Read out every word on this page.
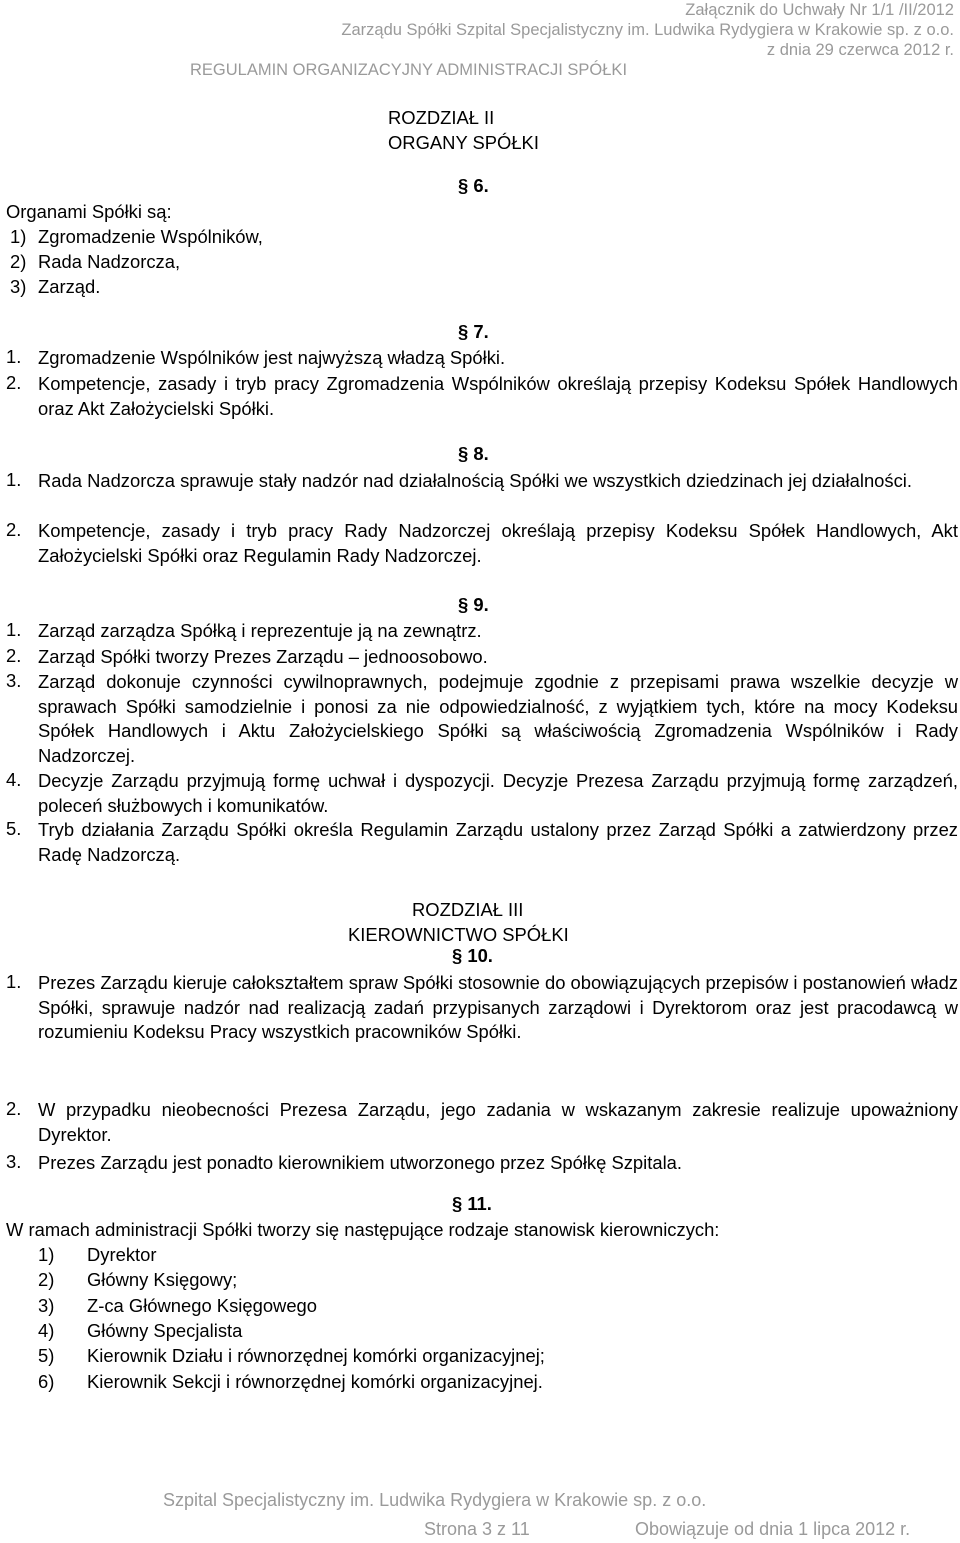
Załącznik do Uchwały Nr 1/1 /II/2012
Zarządu Spółki Szpital Specjalistyczny im. Ludwika Rydygiera w Krakowie sp. z o.o.
z dnia 29 czerwca 2012 r.
REGULAMIN ORGANIZACYJNY ADMINISTRACJI SPÓŁKI
ROZDZIAŁ II
ORGANY SPÓŁKI
§ 6.
Organami Spółki są:
1) Zgromadzenie Wspólników,
2) Rada Nadzorcza,
3) Zarząd.
§ 7.
1. Zgromadzenie Wspólników jest najwyższą władzą Spółki.
2. Kompetencje, zasady i tryb pracy Zgromadzenia Wspólników określają przepisy Kodeksu Spółek Handlowych oraz Akt Założycielski Spółki.
§ 8.
1. Rada Nadzorcza sprawuje stały nadzór nad działalnością Spółki we wszystkich dziedzinach jej działalności.
2. Kompetencje, zasady i tryb pracy Rady Nadzorczej określają przepisy Kodeksu Spółek Handlowych, Akt Założycielski Spółki oraz Regulamin Rady Nadzorczej.
§ 9.
1. Zarząd zarządza Spółką i reprezentuje ją na zewnątrz.
2. Zarząd Spółki tworzy Prezes Zarządu – jednoosobowo.
3. Zarząd dokonuje czynności cywilnoprawnych, podejmuje zgodnie z przepisami prawa wszelkie decyzje w sprawach Spółki samodzielnie i ponosi za nie odpowiedzialność, z wyjątkiem tych, które na mocy Kodeksu Spółek Handlowych i Aktu Założycielskiego Spółki są właściwością Zgromadzenia Wspólników i Rady Nadzorczej.
4. Decyzje Zarządu przyjmują formę uchwał i dyspozycji. Decyzje Prezesa Zarządu przyjmują formę zarządzeń, poleceń służbowych i komunikatów.
5. Tryb działania Zarządu Spółki określa Regulamin Zarządu ustalony przez Zarząd Spółki a zatwierdzony przez Radę Nadzorczą.
ROZDZIAŁ III
KIEROWNICTWO SPÓŁKI
§ 10.
1. Prezes Zarządu kieruje całokształtem spraw Spółki stosownie do obowiązujących przepisów i postanowień władz Spółki, sprawuje nadzór nad realizacją zadań przypisanych zarządowi i Dyrektorom oraz jest pracodawcą w rozumieniu Kodeksu Pracy wszystkich pracowników Spółki.
2. W przypadku nieobecności Prezesa Zarządu, jego zadania w wskazanym zakresie realizuje upoważniony Dyrektor.
3. Prezes Zarządu jest ponadto kierownikiem utworzonego przez Spółkę Szpitala.
§ 11.
W ramach administracji Spółki tworzy się następujące rodzaje stanowisk kierowniczych:
1) Dyrektor
2) Główny Księgowy;
3) Z-ca Głównego Księgowego
4) Główny Specjalista
5) Kierownik Działu i równorzędnej komórki organizacyjnej;
6) Kierownik Sekcji i równorzędnej komórki organizacyjnej.
Szpital Specjalistyczny im. Ludwika Rydygiera w Krakowie sp. z o.o.
Strona 3 z 11	Obowiązuje od dnia 1 lipca 2012 r.
